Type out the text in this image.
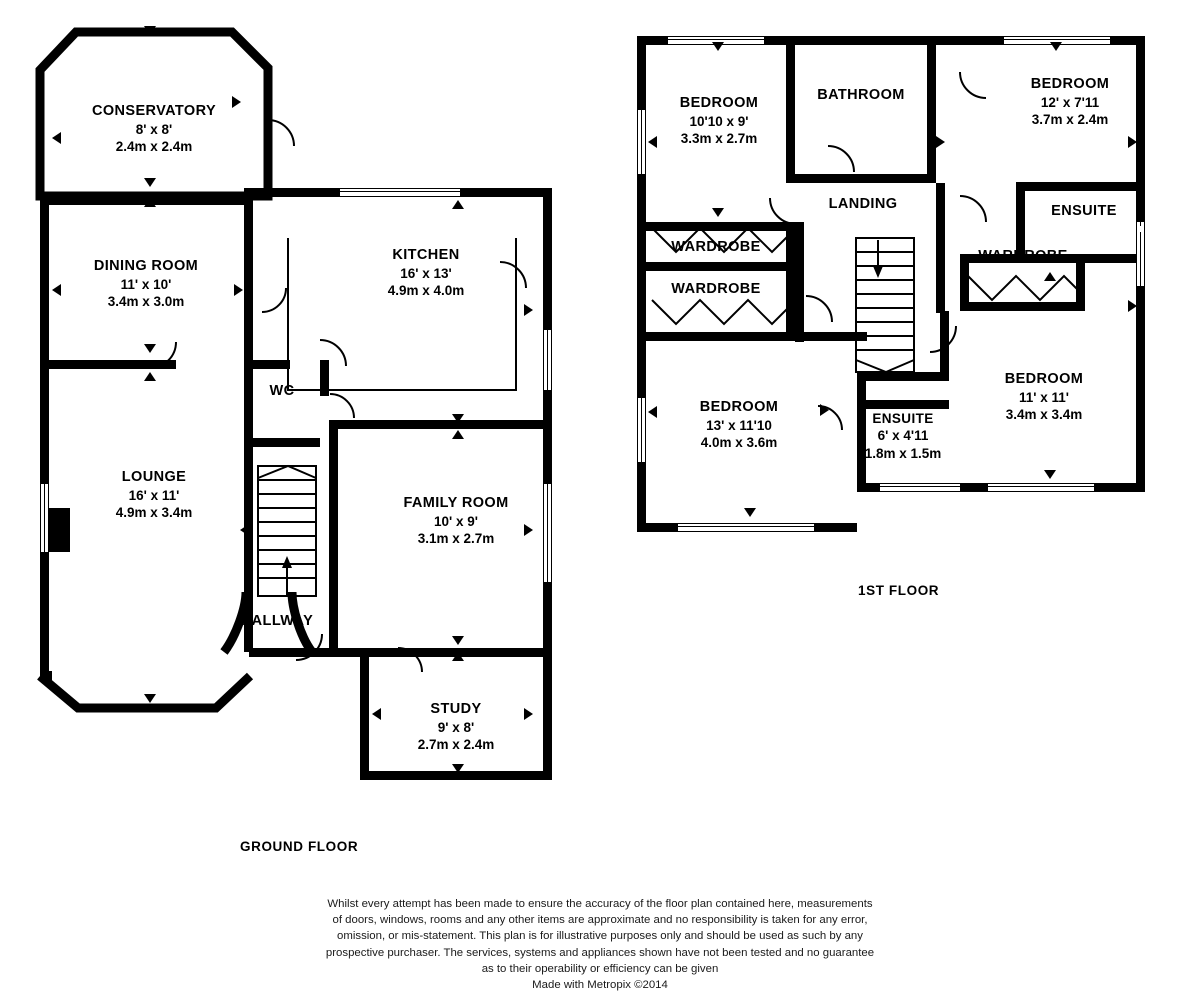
CONSERVATORY
8' x 8'
2.4m x 2.4m
DINING ROOM
11' x 10'
3.4m x 3.0m
KITCHEN
16' x 13'
4.9m x 4.0m
WC
LOUNGE
16' x 11'
4.9m x 3.4m
FAMILY ROOM
10' x 9'
3.1m x 2.7m
HALLWAY
STUDY
9' x 8'
2.7m x 2.4m
GROUND FLOOR
BEDROOM
10'10 x 9'
3.3m x 2.7m
BATHROOM
BEDROOM
12' x 7'11
3.7m x 2.4m
LANDING	ENSUITE
WARDROBE
WARDROBE
WARDROBE
BEDROOM
11' x 11'
3.4m x 3.4m
BEDROOM
13' x 11'10
4.0m x 3.6m
ENSUITE
6' x 4'11
1.8m x 1.5m
1ST FLOOR
Whilst every attempt has been made to ensure the accuracy of the floor plan contained here, measurements
of doors, windows, rooms and any other items are approximate and no responsibility is taken for any error,
omission, or mis-statement. This plan is for illustrative purposes only and should be used as such by any
prospective purchaser. The services, systems and appliances shown have not been tested and no guarantee
as to their operability or efficiency can be given
Made with Metropix ©2014
